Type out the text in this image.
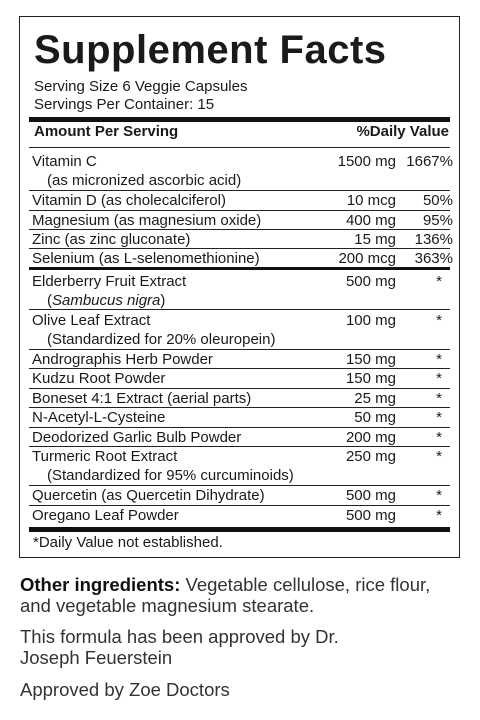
Supplement Facts
Serving Size 6 Veggie Capsules
Servings Per Container: 15
Amount Per Serving	%Daily Value
Vitamin C	1500 mg 1667%
(as micronized ascorbic acid)
Vitamin D (as cholecalciferol)	10 mcg 50%
Magnesium (as magnesium oxide)	400 mg 95%
Zinc (as zinc gluconate)	15 mg 136%
Selenium (as L-selenomethionine)	200 mcg 363%
Elderberry Fruit Extract	500 mg	*
(Sambucus nigra)
Olive Leaf Extract	100 mg	*
(Standardized for 20% oleuropein)
Andrographis Herb Powder	150 mg	*
Kudzu Root Powder	150 mg	*
Boneset 4:1 Extract (aerial parts)	25 mg	*
N-Acetyl-L-Cysteine	50 mg	*
Deodorized Garlic Bulb Powder	200 mg	*
Turmeric Root Extract	250 mg	*
(Standardized for 95% curcuminoids)
Quercetin (as Quercetin Dihydrate)	500 mg	*
Oregano Leaf Powder	500 mg	*
*Daily Value not established.
Other ingredients: Vegetable cellulose, rice flour, and vegetable magnesium stearate.
This formula has been approved by Dr. Joseph Feuerstein
Approved by Zoe Doctors
